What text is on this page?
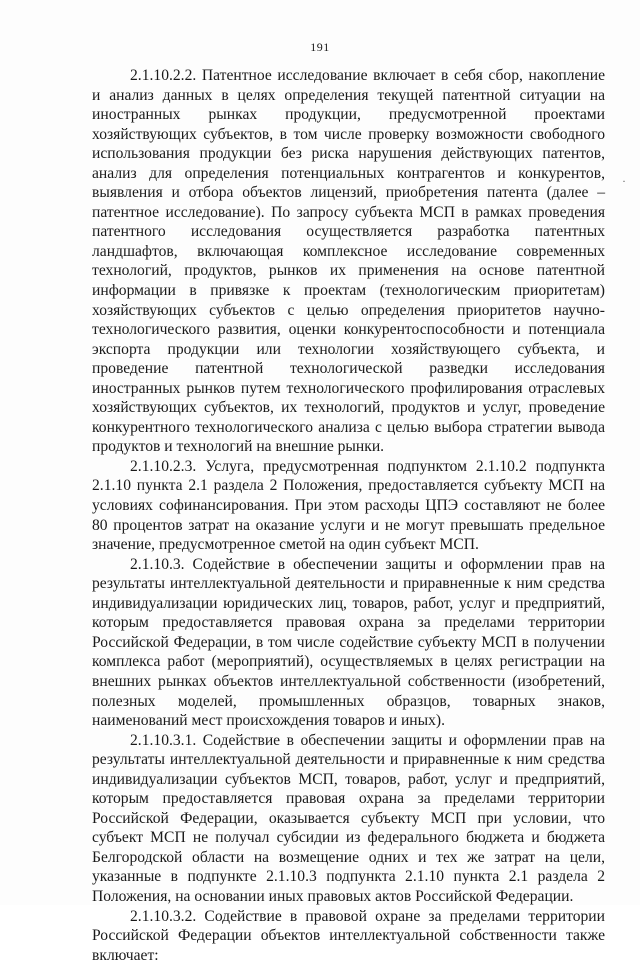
191

2.1.10.2.2. Патентное исследование включает в себя сбор, накопление и анализ данных в целях определения текущей патентной ситуации на иностранных рынках продукции, предусмотренной проектами хозяйствующих субъектов, в том числе проверку возможности свободного использования продукции без риска нарушения действующих патентов, анализ для определения потенциальных контрагентов и конкурентов, выявления и отбора объектов лицензий, приобретения патента (далее – патентное исследование). По запросу субъекта МСП в рамках проведения патентного исследования осуществляется разработка патентных ландшафтов, включающая комплексное исследование современных технологий, продуктов, рынков их применения на основе патентной информации в привязке к проектам (технологическим приоритетам) хозяйствующих субъектов с целью определения приоритетов научно-технологического развития, оценки конкурентоспособности и потенциала экспорта продукции или технологии хозяйствующего субъекта, и проведение патентной технологической разведки исследования иностранных рынков путем технологического профилирования отраслевых хозяйствующих субъектов, их технологий, продуктов и услуг, проведение конкурентного технологического анализа с целью выбора стратегии вывода продуктов и технологий на внешние рынки.

2.1.10.2.3. Услуга, предусмотренная подпунктом 2.1.10.2 подпункта 2.1.10 пункта 2.1 раздела 2 Положения, предоставляется субъекту МСП на условиях софинансирования. При этом расходы ЦПЭ составляют не более 80 процентов затрат на оказание услуги и не могут превышать предельное значение, предусмотренное сметой на один субъект МСП.

2.1.10.3. Содействие в обеспечении защиты и оформлении прав на результаты интеллектуальной деятельности и приравненные к ним средства индивидуализации юридических лиц, товаров, работ, услуг и предприятий, которым предоставляется правовая охрана за пределами территории Российской Федерации, в том числе содействие субъекту МСП в получении комплекса работ (мероприятий), осуществляемых в целях регистрации на внешних рынках объектов интеллектуальной собственности (изобретений, полезных моделей, промышленных образцов, товарных знаков, наименований мест происхождения товаров и иных).

2.1.10.3.1. Содействие в обеспечении защиты и оформлении прав на результаты интеллектуальной деятельности и приравненные к ним средства индивидуализации субъектов МСП, товаров, работ, услуг и предприятий, которым предоставляется правовая охрана за пределами территории Российской Федерации, оказывается субъекту МСП при условии, что субъект МСП не получал субсидии из федерального бюджета и бюджета Белгородской области на возмещение одних и тех же затрат на цели, указанные в подпункте 2.1.10.3 подпункта 2.1.10 пункта 2.1 раздела 2 Положения, на основании иных правовых актов Российской Федерации.

2.1.10.3.2. Содействие в правовой охране за пределами территории Российской Федерации объектов интеллектуальной собственности также включает:

·
